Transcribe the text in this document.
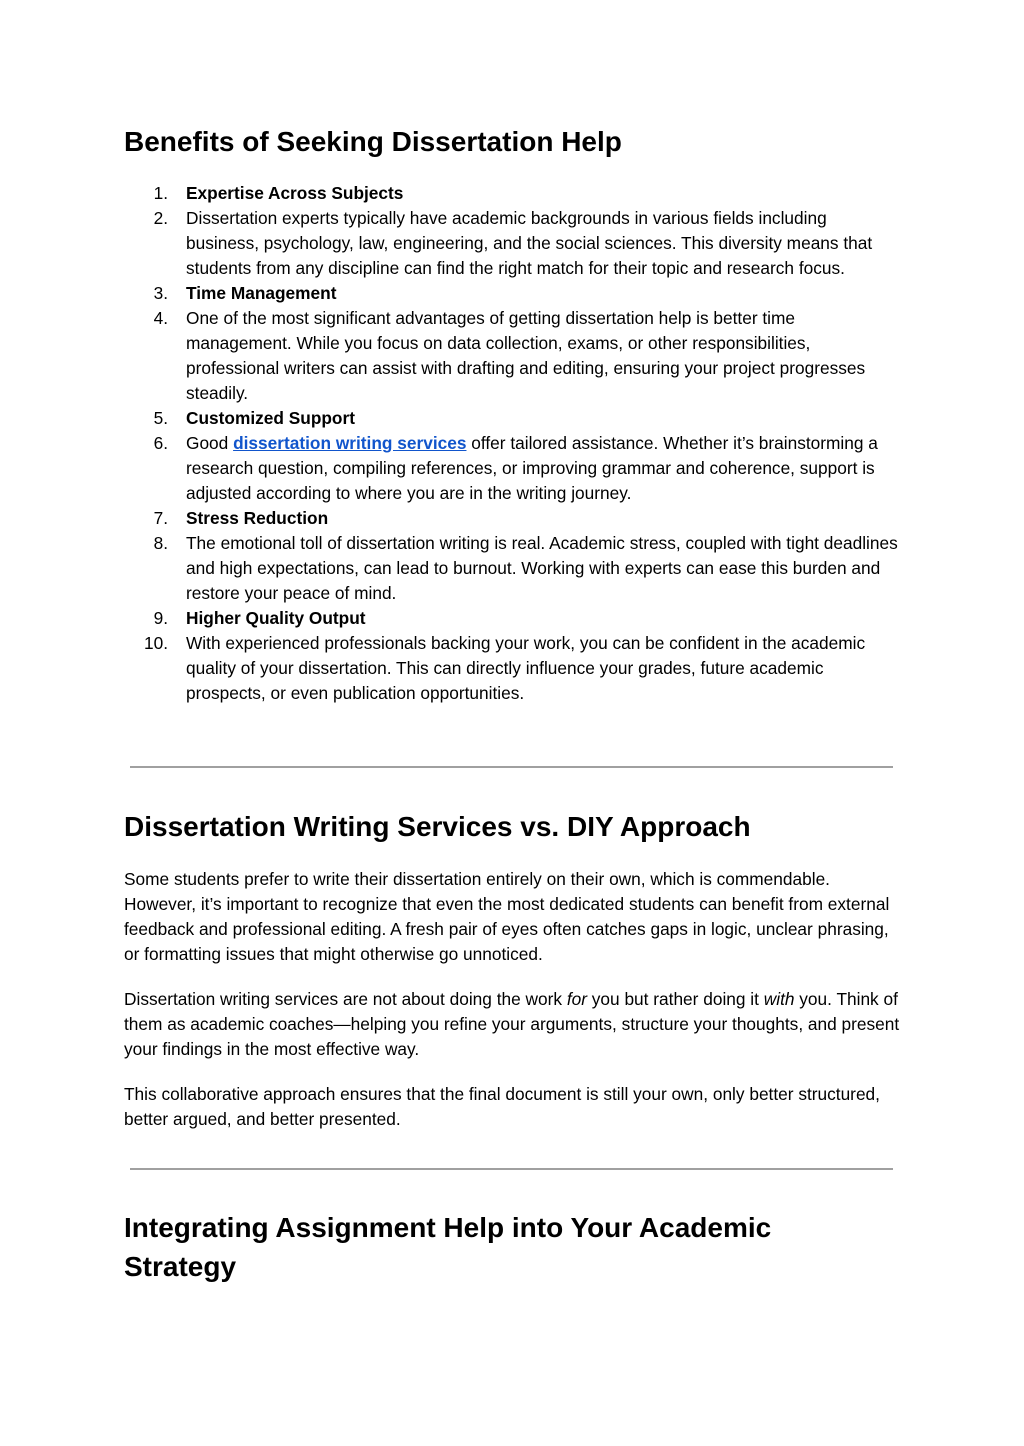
Benefits of Seeking Dissertation Help
1. Expertise Across Subjects
2. Dissertation experts typically have academic backgrounds in various fields including business, psychology, law, engineering, and the social sciences. This diversity means that students from any discipline can find the right match for their topic and research focus.
3. Time Management
4. One of the most significant advantages of getting dissertation help is better time management. While you focus on data collection, exams, or other responsibilities, professional writers can assist with drafting and editing, ensuring your project progresses steadily.
5. Customized Support
6. Good dissertation writing services offer tailored assistance. Whether it’s brainstorming a research question, compiling references, or improving grammar and coherence, support is adjusted according to where you are in the writing journey.
7. Stress Reduction
8. The emotional toll of dissertation writing is real. Academic stress, coupled with tight deadlines and high expectations, can lead to burnout. Working with experts can ease this burden and restore your peace of mind.
9. Higher Quality Output
10. With experienced professionals backing your work, you can be confident in the academic quality of your dissertation. This can directly influence your grades, future academic prospects, or even publication opportunities.
Dissertation Writing Services vs. DIY Approach

Some students prefer to write their dissertation entirely on their own, which is commendable. However, it’s important to recognize that even the most dedicated students can benefit from external feedback and professional editing. A fresh pair of eyes often catches gaps in logic, unclear phrasing, or formatting issues that might otherwise go unnoticed.

Dissertation writing services are not about doing the work for you but rather doing it with you. Think of them as academic coaches—helping you refine your arguments, structure your thoughts, and present your findings in the most effective way.

This collaborative approach ensures that the final document is still your own, only better structured, better argued, and better presented.

Integrating Assignment Help into Your Academic Strategy
